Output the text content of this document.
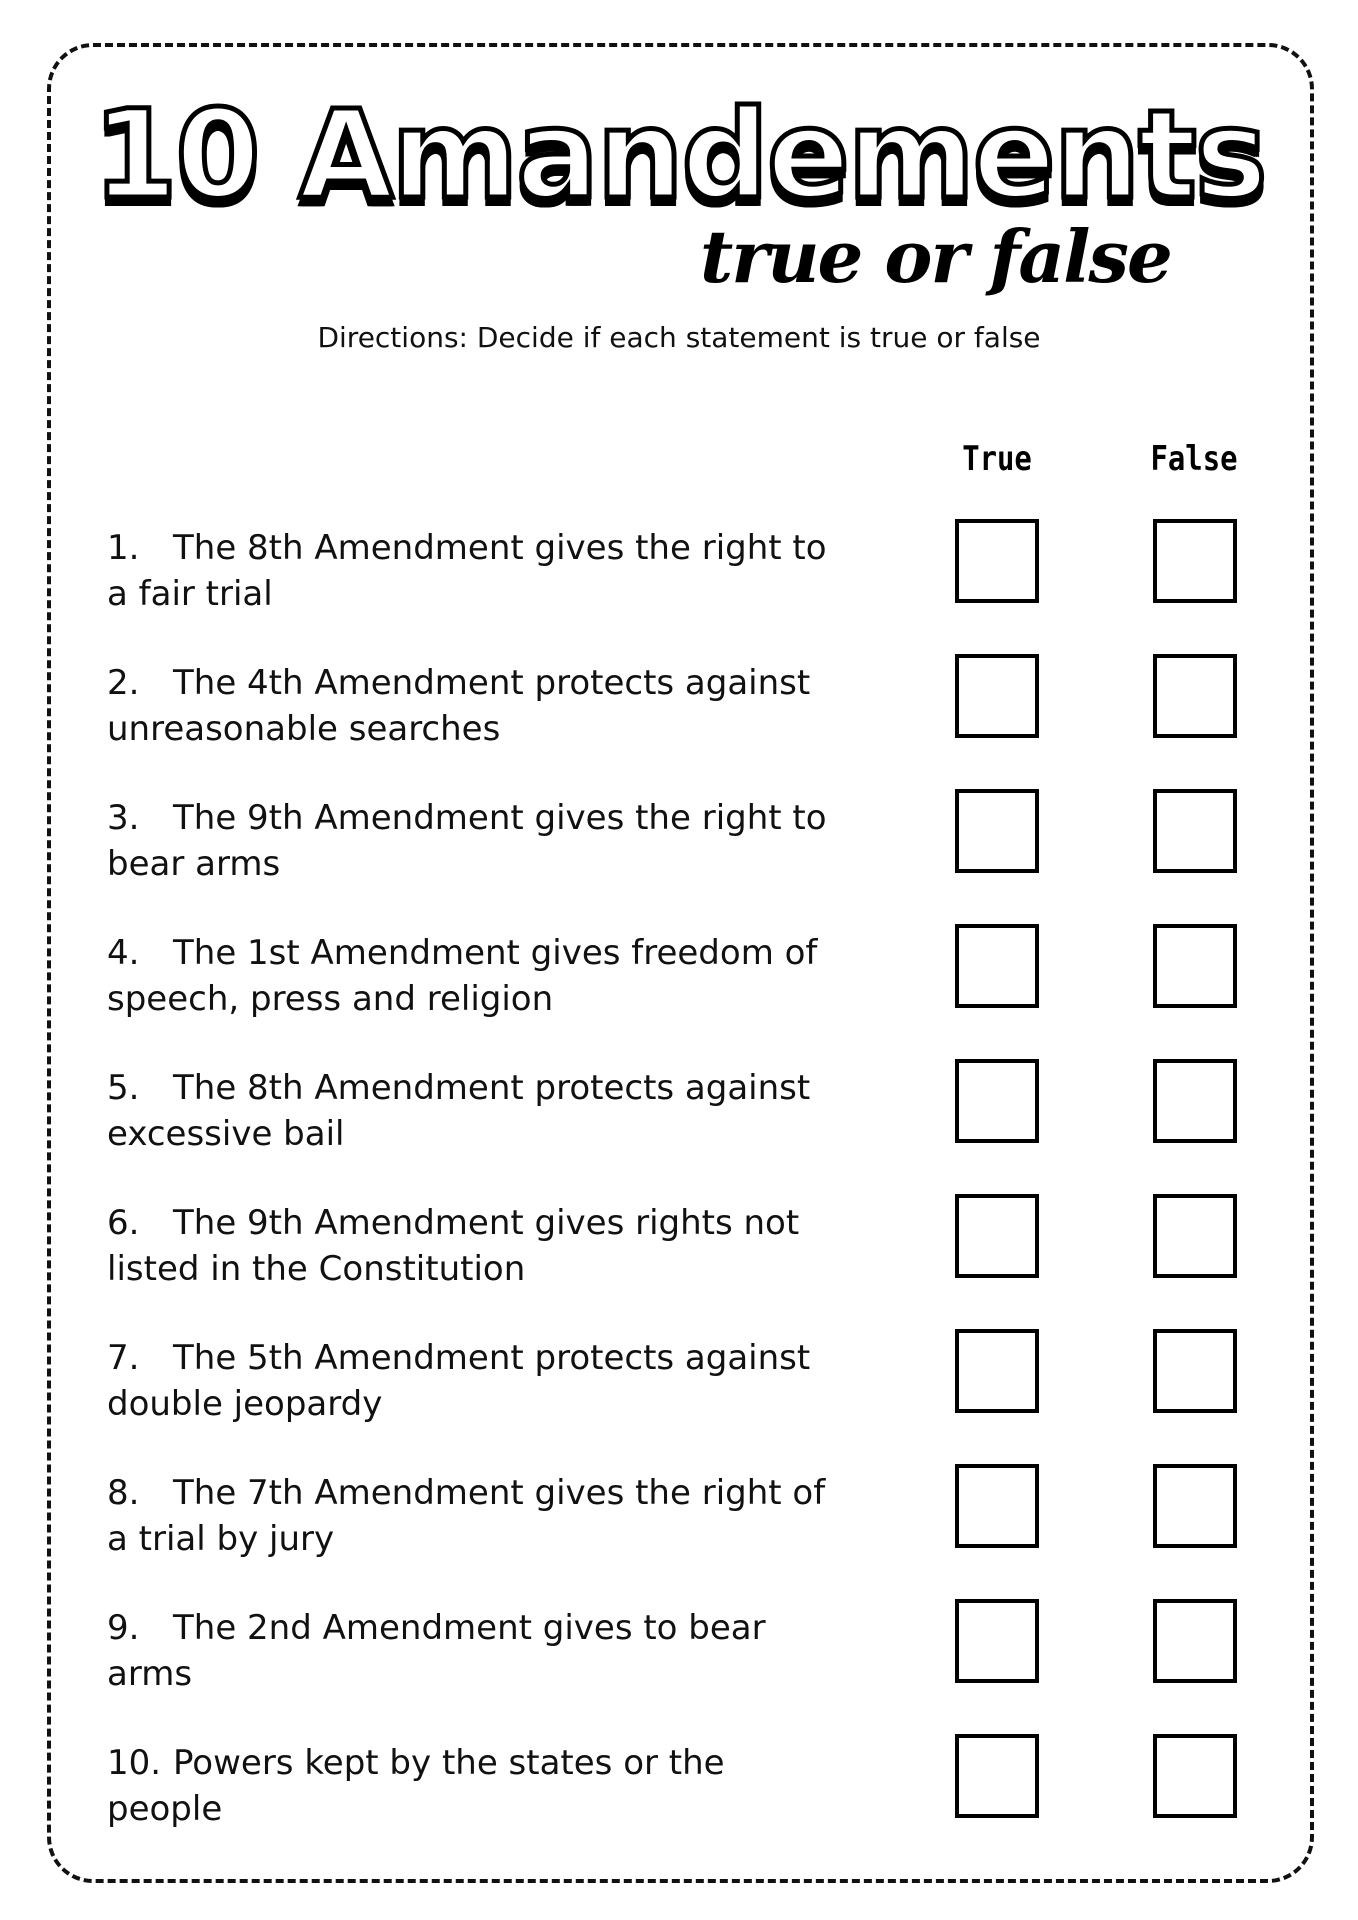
10 Amandements
true or false
Directions: Decide if each statement is true or false
True	False
1. The 8th Amendment gives the right to
a fair trial
2. The 4th Amendment protects against
unreasonable searches
3. The 9th Amendment gives the right to
bear arms
4. The 1st Amendment gives freedom of
speech, press and religion
5. The 8th Amendment protects against
excessive bail
6. The 9th Amendment gives rights not
listed in the Constitution
7. The 5th Amendment protects against
double jeopardy
8. The 7th Amendment gives the right of
a trial by jury
9. The 2nd Amendment gives to bear
arms
10. Powers kept by the states or the
people
